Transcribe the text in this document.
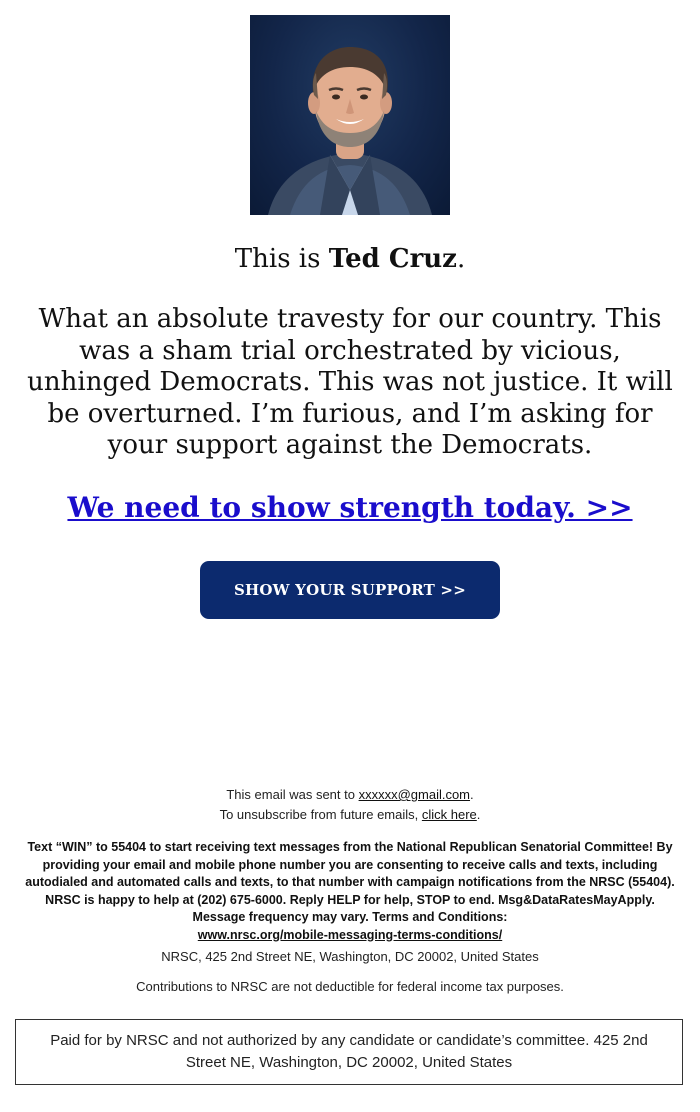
This is Ted Cruz.
What an absolute travesty for our country. This was a sham trial orchestrated by vicious, unhinged Democrats. This was not justice. It will be overturned. I’m furious, and I’m asking for your support against the Democrats.
We need to show strength today. >>
SHOW YOUR SUPPORT >>
This email was sent to xxxxxx@gmail.com.
To unsubscribe from future emails, click here.
Text “WIN” to 55404 to start receiving text messages from the National Republican Senatorial Committee! By providing your email and mobile phone number you are consenting to receive calls and texts, including autodialed and automated calls and texts, to that number with campaign notifications from the NRSC (55404). NRSC is happy to help at (202) 675-6000. Reply HELP for help, STOP to end. Msg&DataRatesMayApply. Message frequency may vary. Terms and Conditions:
www.nrsc.org/mobile-messaging-terms-conditions/
NRSC, 425 2nd Street NE, Washington, DC 20002, United States
Contributions to NRSC are not deductible for federal income tax purposes.
Paid for by NRSC and not authorized by any candidate or candidate’s committee. 425 2nd Street NE, Washington, DC 20002, United States
